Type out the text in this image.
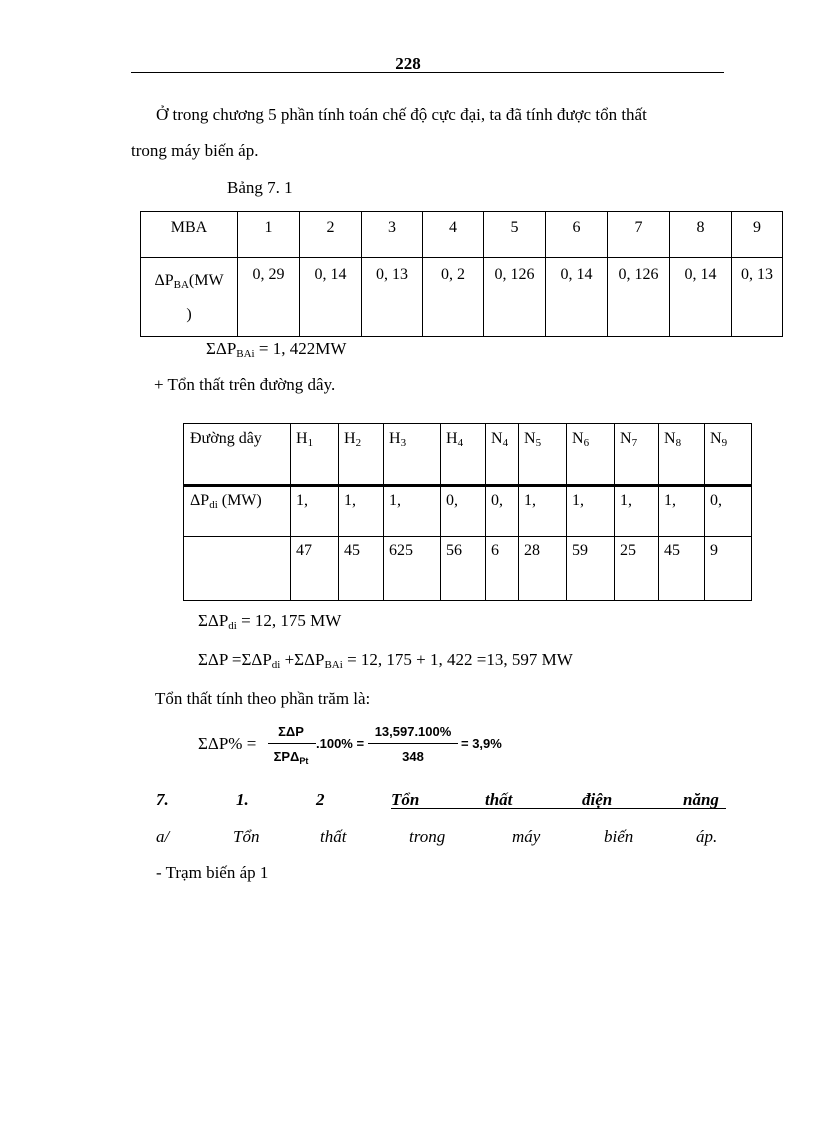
228
Ở trong chương 5 phần tính toán chế độ cực đại, ta đã tính được tổn thất
trong máy biến áp.
Bảng 7. 1
MBA	1	2	3	4	5	6	7	8	9
$\Delta P_{BA}(MW$
)	0, 29	0, 14	0, 13	0, 2	0, 126	0, 14	0, 126	0, 14	0, 13
$\Sigma\Delta P_{BAi} = 1$, 422MW
+ Tổn thất trên đường dây.
Đường dây	$H_1$	$H_2$	$H_3$	$H_4$	$N_4$	$N_5$	$N_6$	$N_7$	$N_8$	$N_9$
$\Delta P_{di}$ (MW)	1,	1,	1,	0,	0,	1,	1,	1,	1,	0,
	47	45	625	56	6	28	59	25	45	9
$\Sigma\Delta P_{di} = 12$, 175 MW
$\Sigma\Delta P =\Sigma\Delta P_{di} +\Sigma\Delta P_{BAi} = 12$, 175 + 1, 422 =13, 597 MW
Tổn thất tính theo phần trăm là:
ΣΔP% =
ΣΔP
$\Sigma P\Delta_{Pt}$
.100% =
13,597.100%
348
= 3,9%
7.	1.	2	Tổn	thất	điện	năng
a/	Tổn	thất	trong	máy	biến	áp.
- Trạm biến áp 1
